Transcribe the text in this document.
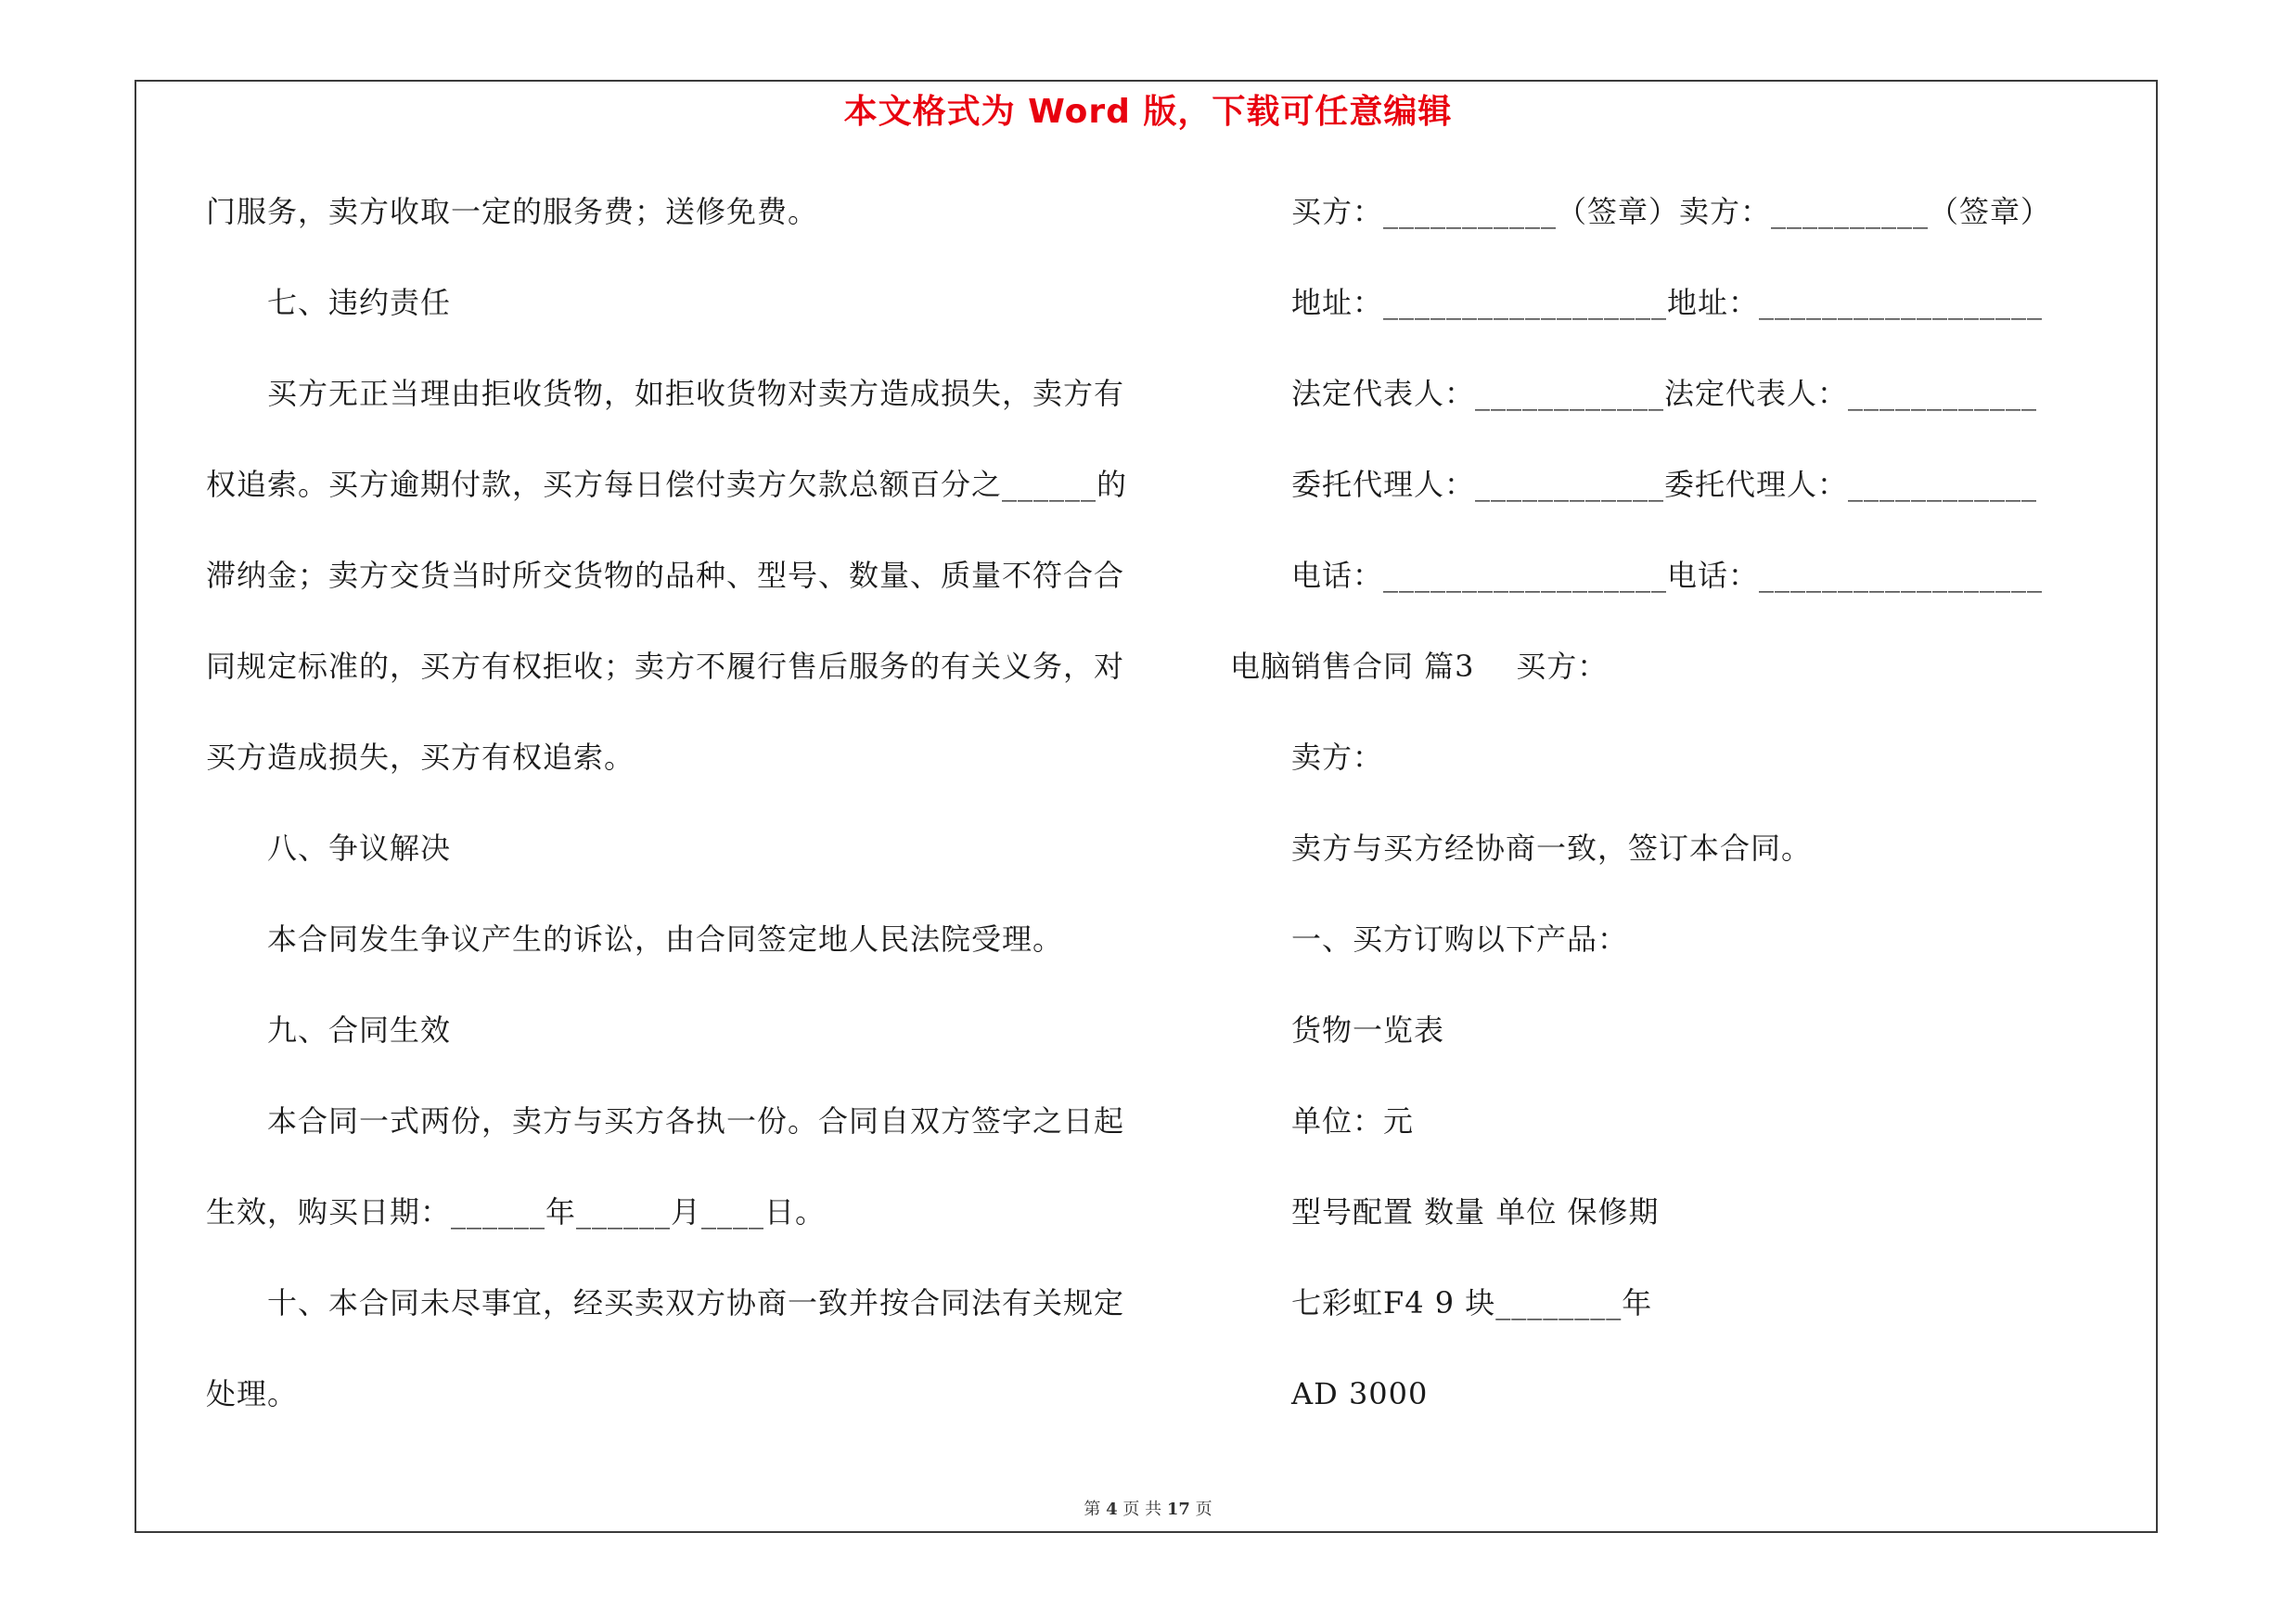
本文格式为 Word 版，下载可任意编辑
门服务，卖方收取一定的服务费；送修免费。
七、违约责任
买方无正当理由拒收货物，如拒收货物对卖方造成损失，卖方有
权追索。买方逾期付款，买方每日偿付卖方欠款总额百分之______的
滞纳金；卖方交货当时所交货物的品种、型号、数量、质量不符合合
同规定标准的，买方有权拒收；卖方不履行售后服务的有关义务，对
买方造成损失，买方有权追索。
八、争议解决
本合同发生争议产生的诉讼，由合同签定地人民法院受理。
九、合同生效
本合同一式两份，卖方与买方各执一份。合同自双方签字之日起
生效，购买日期：______年______月____日。
十、本合同未尽事宜，经买卖双方协商一致并按合同法有关规定
处理。
买方：___________（签章）卖方：__________（签章）
地址：__________________地址：__________________
法定代表人：____________法定代表人：____________
委托代理人：____________委托代理人：____________
电话：__________________电话：__________________
电脑销售合同 篇3    买方：
卖方：
卖方与买方经协商一致，签订本合同。
一、买方订购以下产品：
货物一览表
单位：元
型号配置 数量 单位 保修期
七彩虹F4 9 块________年
AD 3000
第 4 页 共 17 页
